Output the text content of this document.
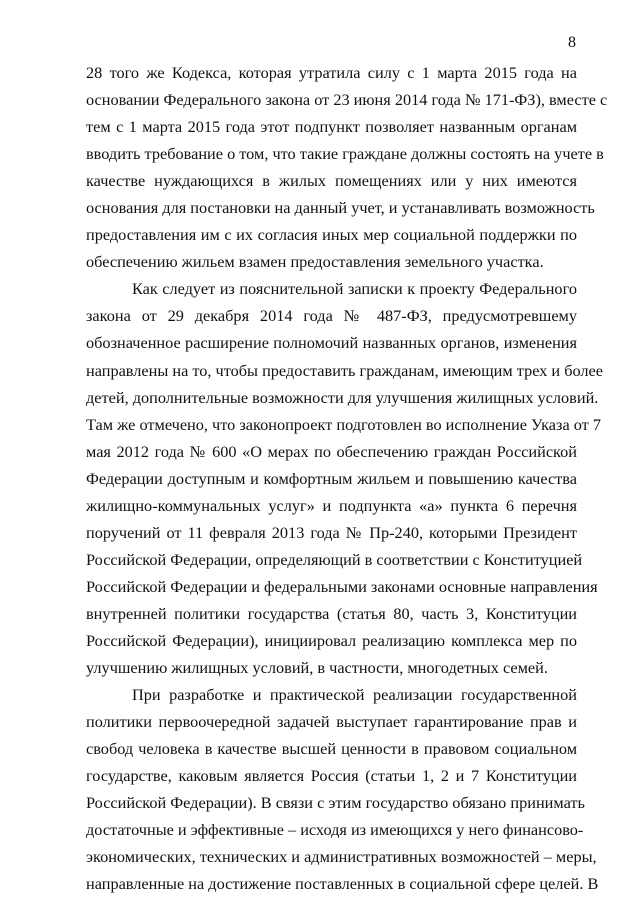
8
28 того же Кодекса, которая утратила силу с 1 марта 2015 года на
основании Федерального закона от 23 июня 2014 года № 171-ФЗ), вместе с
тем с 1 марта 2015 года этот подпункт позволяет названным органам
вводить требование о том, что такие граждане должны состоять на учете в
качестве нуждающихся в жилых помещениях или у них имеются
основания для постановки на данный учет, и устанавливать возможность
предоставления им с их согласия иных мер социальной поддержки по
обеспечению жильем взамен предоставления земельного участка.
Как следует из пояснительной записки к проекту Федерального
закона от 29 декабря 2014 года № 487-ФЗ, предусмотревшему
обозначенное расширение полномочий названных органов, изменения
направлены на то, чтобы предоставить гражданам, имеющим трех и более
детей, дополнительные возможности для улучшения жилищных условий.
Там же отмечено, что законопроект подготовлен во исполнение Указа от 7
мая 2012 года № 600 «О мерах по обеспечению граждан Российской
Федерации доступным и комфортным жильем и повышению качества
жилищно-коммунальных услуг» и подпункта «а» пункта 6 перечня
поручений от 11 февраля 2013 года № Пр-240, которыми Президент
Российской Федерации, определяющий в соответствии с Конституцией
Российской Федерации и федеральными законами основные направления
внутренней политики государства (статья 80, часть 3, Конституции
Российской Федерации), инициировал реализацию комплекса мер по
улучшению жилищных условий, в частности, многодетных семей.
При разработке и практической реализации государственной
политики первоочередной задачей выступает гарантирование прав и
свобод человека в качестве высшей ценности в правовом социальном
государстве, каковым является Россия (статьи 1, 2 и 7 Конституции
Российской Федерации). В связи с этим государство обязано принимать
достаточные и эффективные – исходя из имеющихся у него финансово-
экономических, технических и административных возможностей – меры,
направленные на достижение поставленных в социальной сфере целей. В
